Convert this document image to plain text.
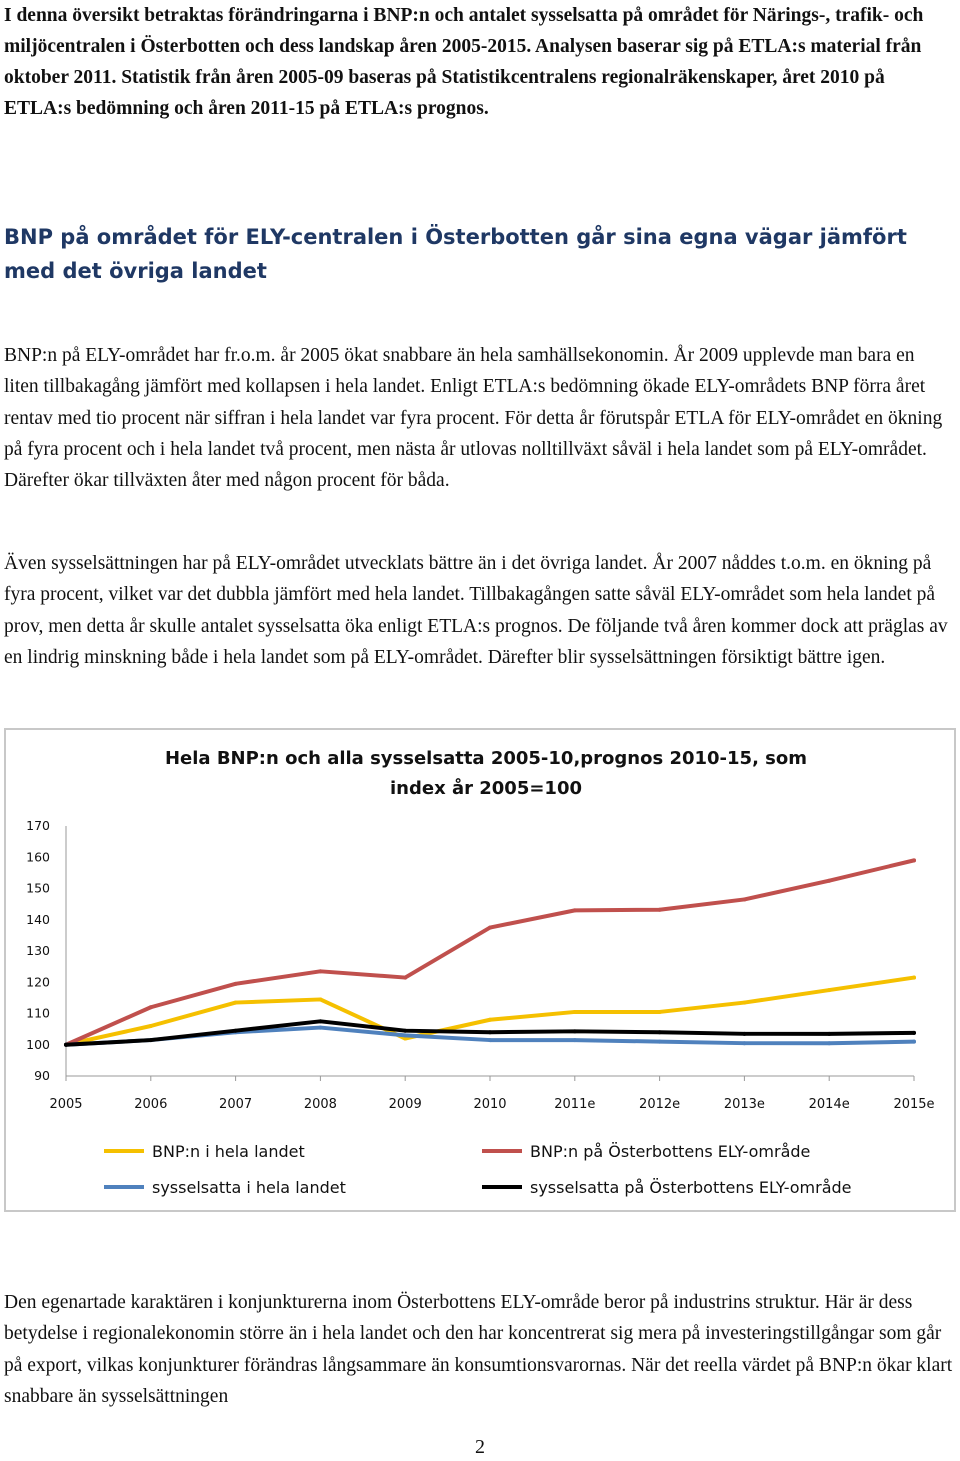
I denna översikt betraktas förändringarna i BNP:n och antalet sysselsatta på området för Närings-, trafik- och miljöcentralen i Österbotten och dess landskap åren 2005-2015. Analysen baserar sig på ETLA:s material från oktober 2011. Statistik från åren 2005-09 baseras på Statistikcentralens regionalräkenskaper, året 2010 på ETLA:s bedömning och åren 2011-15 på ETLA:s prognos.

BNP på området för ELY-centralen i Österbotten går sina egna vägar jämfört med det övriga landet

BNP:n på ELY-området har fr.o.m. år 2005 ökat snabbare än hela samhällsekonomin. År 2009 upplevde man bara en liten tillbakagång jämfört med kollapsen i hela landet. Enligt ETLA:s bedömning ökade ELY-områdets BNP förra året rentav med tio procent när siffran i hela landet var fyra procent. För detta år förutspår ETLA för ELY-området en ökning på fyra procent och i hela landet två procent, men nästa år utlovas nolltillväxt såväl i hela landet som på ELY-området. Därefter ökar tillväxten åter med någon procent för båda.

Även sysselsättningen har på ELY-området utvecklats bättre än i det övriga landet. År 2007 nåddes t.o.m. en ökning på fyra procent, vilket var det dubbla jämfört med hela landet. Tillbakagången satte såväl ELY-området som hela landet på prov, men detta år skulle antalet sysselsatta öka enligt ETLA:s prognos. De följande två åren kommer dock att präglas av en lindrig minskning både i hela landet som på ELY-området. Därefter blir sysselsättningen försiktigt bättre igen.

Hela BNP:n och alla sysselsatta 2005-10,prognos 2010-15, som index år 2005=100
90
100
110
120
130
140
150
160
170
2005	2006	2007	2008	2009	2010	2011e	2012e	2013e	2014e	2015e
BNP:n i hela landet	BNP:n på Österbottens ELY-område
sysselsatta i hela landet	sysselsatta på Österbottens ELY-område

Den egenartade karaktären i konjunkturerna inom Österbottens ELY-område beror på industrins struktur. Här är dess betydelse i regionalekonomin större än i hela landet och den har koncentrerat sig mera på investeringstillgångar som går på export, vilkas konjunkturer förändras långsammare än konsumtionsvarornas. När det reella värdet på BNP:n ökar klart snabbare än sysselsättningen

2
